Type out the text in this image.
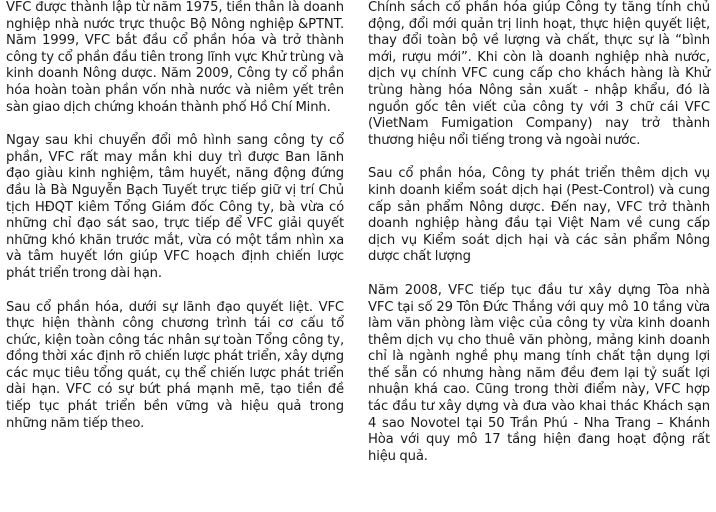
VFC được thành lập từ năm 1975, tiền thân là doanh nghiệp nhà nước trực thuộc Bộ Nông nghiệp &PTNT. Năm 1999, VFC bắt đầu cổ phần hóa và trở thành công ty cổ phần đầu tiên trong lĩnh vực Khử trùng và kinh doanh Nông dược. Năm 2009, Công ty cổ phần hóa hoàn toàn phần vốn nhà nước và niêm yết trên sàn giao dịch chứng khoán thành phố Hồ Chí Minh.

Ngay sau khi chuyển đổi mô hình sang công ty cổ phần, VFC rất may mắn khi duy trì được Ban lãnh đạo giàu kinh nghiệm, tâm huyết, năng động đứng đầu là Bà Nguyễn Bạch Tuyết trực tiếp giữ vị trí Chủ tịch HĐQT kiêm Tổng Giám đốc Công ty, bà vừa có những chỉ đạo sát sao, trực tiếp để VFC giải quyết những khó khăn trước mắt, vừa có một tầm nhìn xa và tâm huyết lớn giúp VFC hoạch định chiến lược phát triển trong dài hạn.

Sau cổ phần hóa, dưới sự lãnh đạo quyết liệt. VFC thực hiện thành công chương trình tái cơ cấu tổ chức, kiện toàn công tác nhân sự toàn Tổng công ty, đồng thời xác định rõ chiến lược phát triển, xây dựng các mục tiêu tổng quát, cụ thể chiến lược phát triển dài hạn. VFC có sự bứt phá mạnh mẽ, tạo tiền đề tiếp tục phát triển bền vững và hiệu quả trong những năm tiếp theo.

Chính sách cổ phần hóa giúp Công ty tăng tính chủ động, đổi mới quản trị linh hoạt, thực hiện quyết liệt, thay đổi toàn bộ về lượng và chất, thực sự là “bình mới, rượu mới”. Khi còn là doanh nghiệp nhà nước, dịch vụ chính VFC cung cấp cho khách hàng là Khử trùng hàng hóa Nông sản xuất - nhập khẩu, đó là nguồn gốc tên viết của công ty với 3 chữ cái VFC (VietNam Fumigation Company) nay trở thành thương hiệu nổi tiếng trong và ngoài nước.

Sau cổ phần hóa, Công ty phát triển thêm dịch vụ kinh doanh kiểm soát dịch hại (Pest-Control) và cung cấp sản phẩm Nông dược. Đến nay, VFC trở thành doanh nghiệp hàng đầu tại Việt Nam về cung cấp dịch vụ Kiểm soát dịch hại và các sản phẩm Nông dược chất lượng

Năm 2008, VFC tiếp tục đầu tư xây dựng Tòa nhà VFC tại số 29 Tôn Đức Thắng với quy mô 10 tầng vừa làm văn phòng làm việc của công ty vừa kinh doanh thêm dịch vụ cho thuê văn phòng, mảng kinh doanh chỉ là ngành nghề phụ mang tính chất tận dụng lợi thế sẵn có nhưng hàng năm đều đem lại tỷ suất lợi nhuận khá cao. Cũng trong thời điểm này, VFC hợp tác đầu tư xây dựng và đưa vào khai thác Khách sạn 4 sao Novotel tại 50 Trần Phú - Nha Trang – Khánh Hòa với quy mô 17 tầng hiện đang hoạt động rất hiệu quả.
